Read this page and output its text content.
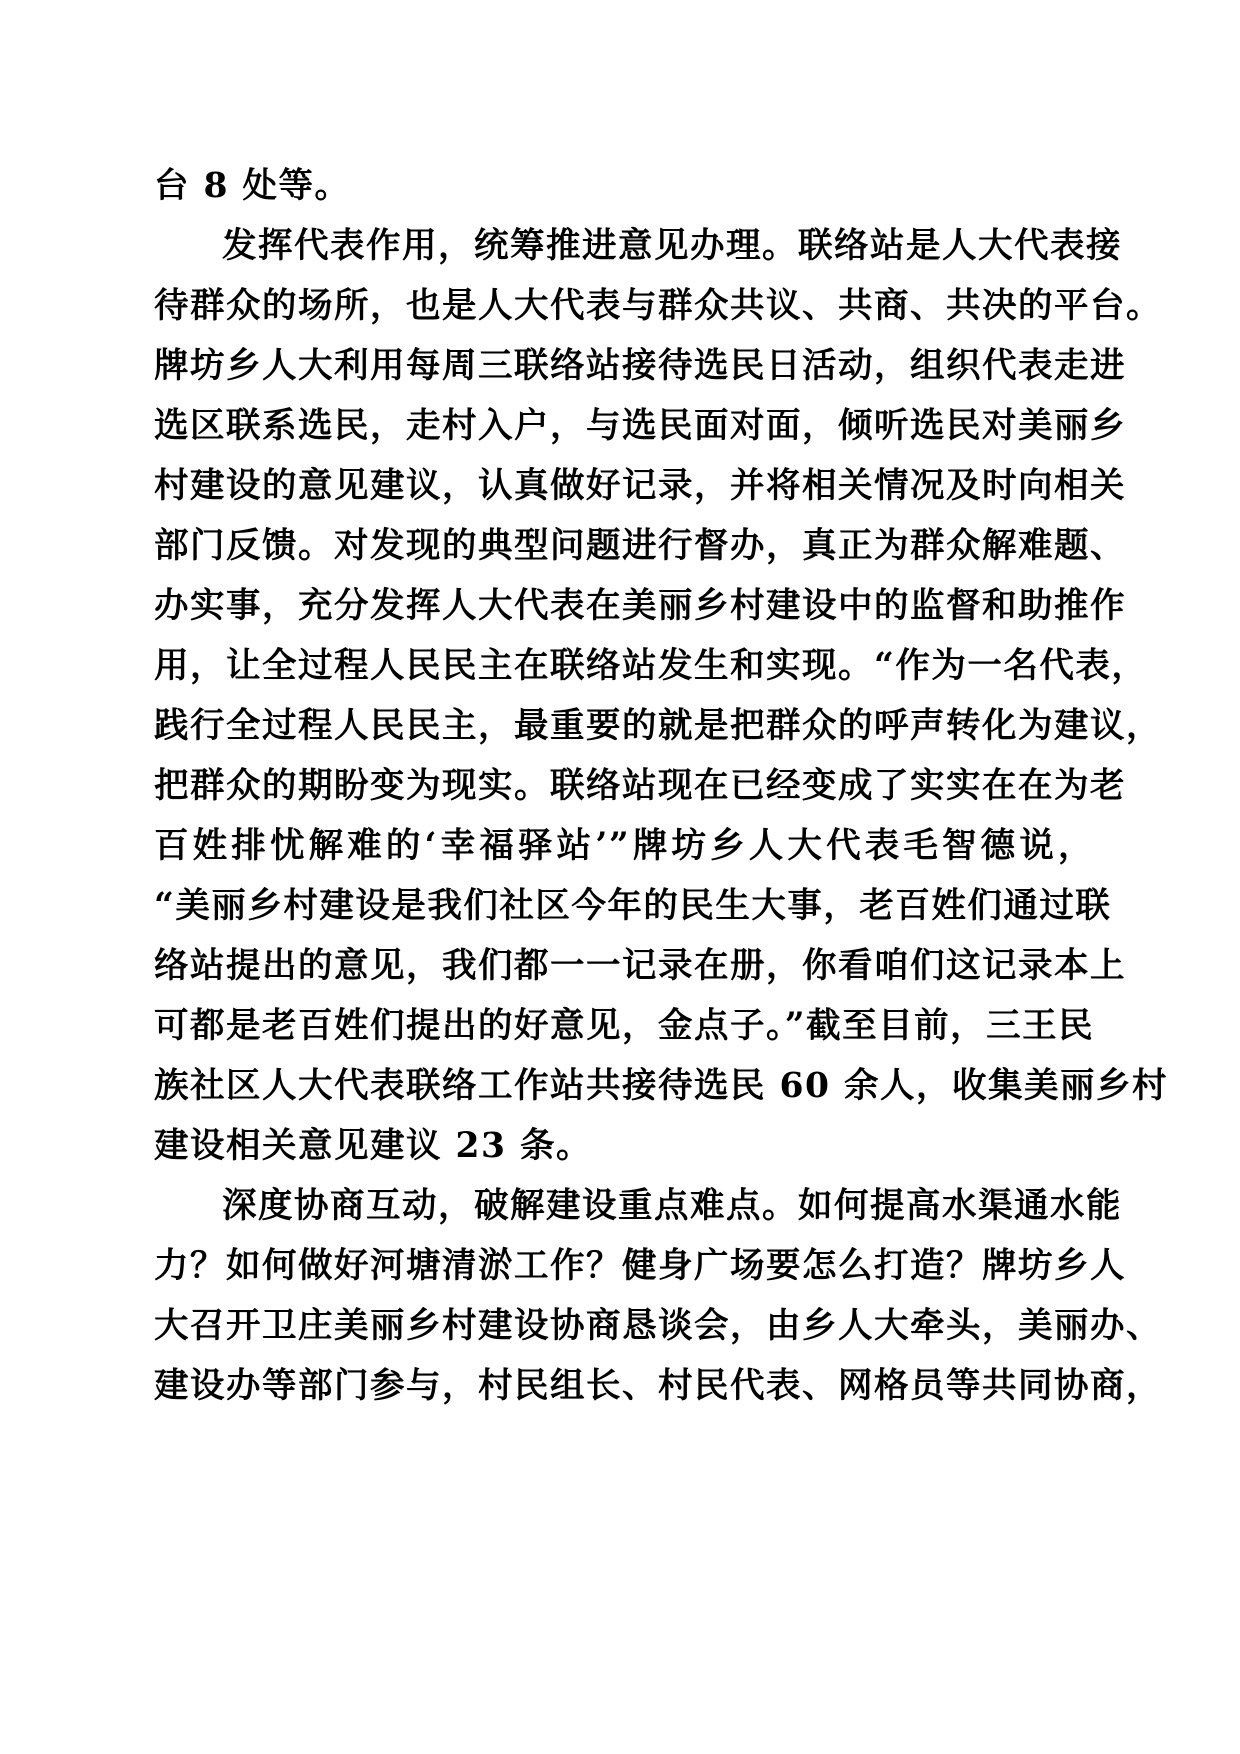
台 8 处等。
发挥代表作用，统筹推进意见办理。联络站是人大代表接
待群众的场所，也是人大代表与群众共议、共商、共决的平台。
牌坊乡人大利用每周三联络站接待选民日活动，组织代表走进
选区联系选民，走村入户，与选民面对面，倾听选民对美丽乡
村建设的意见建议，认真做好记录，并将相关情况及时向相关
部门反馈。对发现的典型问题进行督办，真正为群众解难题、
办实事，充分发挥人大代表在美丽乡村建设中的监督和助推作
用，让全过程人民民主在联络站发生和实现。“作为一名代表，
践行全过程人民民主，最重要的就是把群众的呼声转化为建议，
把群众的期盼变为现实。联络站现在已经变成了实实在在为老
百姓排忧解难的‘幸福驿站’”牌坊乡人大代表毛智德说，
“美丽乡村建设是我们社区今年的民生大事，老百姓们通过联
络站提出的意见，我们都一一记录在册，你看咱们这记录本上
可都是老百姓们提出的好意见，金点子。”截至目前，三王民
族社区人大代表联络工作站共接待选民 60 余人，收集美丽乡村
建设相关意见建议 23 条。
深度协商互动，破解建设重点难点。如何提高水渠通水能
力？如何做好河塘清淤工作？健身广场要怎么打造？牌坊乡人
大召开卫庄美丽乡村建设协商恳谈会，由乡人大牵头，美丽办、
建设办等部门参与，村民组长、村民代表、网格员等共同协商，
